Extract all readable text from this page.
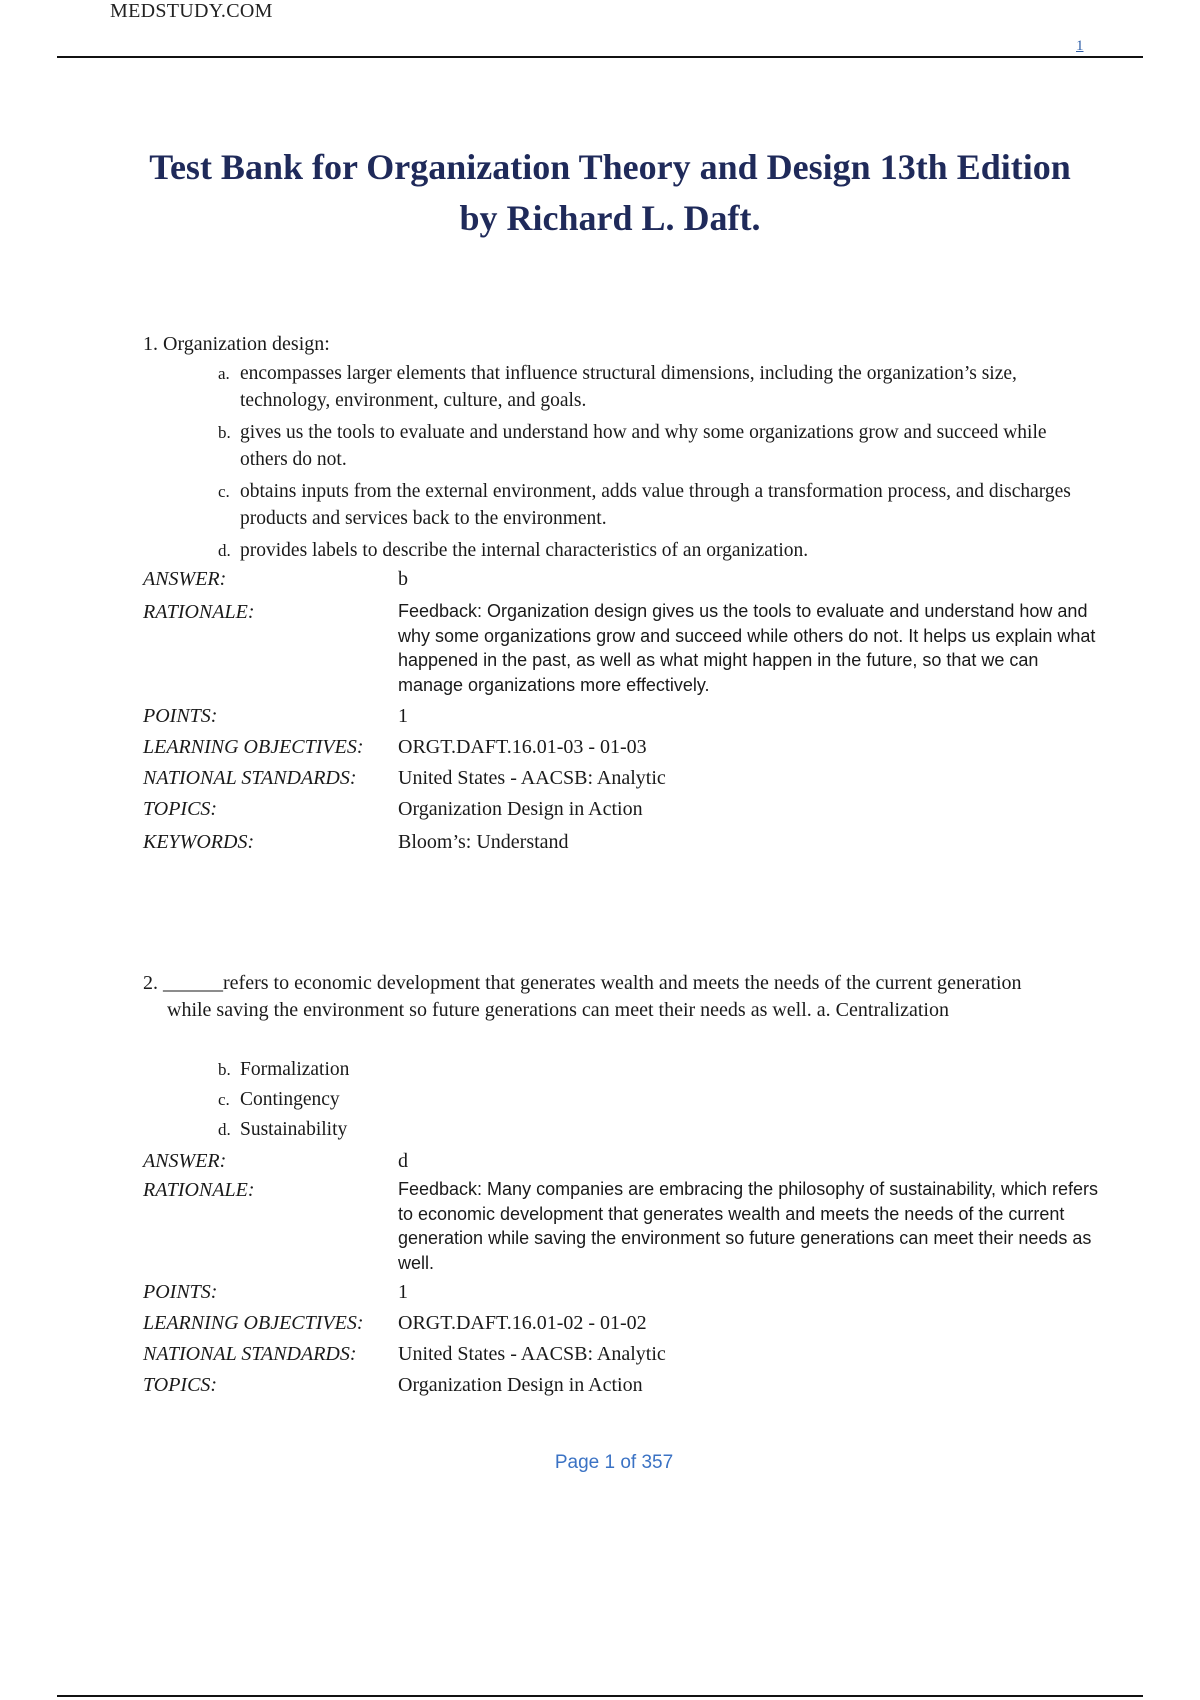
MEDSTUDY.COM
1
Test Bank for Organization Theory and Design 13th Edition by Richard L. Daft.
1. Organization design:
a. encompasses larger elements that influence structural dimensions, including the organization’s size, technology, environment, culture, and goals.
b. gives us the tools to evaluate and understand how and why some organizations grow and succeed while others do not.
c. obtains inputs from the external environment, adds value through a transformation process, and discharges products and services back to the environment.
d. provides labels to describe the internal characteristics of an organization.
ANSWER:	b
RATIONALE:	Feedback: Organization design gives us the tools to evaluate and understand how and why some organizations grow and succeed while others do not. It helps us explain what happened in the past, as well as what might happen in the future, so that we can manage organizations more effectively.
POINTS:	1
LEARNING OBJECTIVES:	ORGT.DAFT.16.01-03 - 01-03
NATIONAL STANDARDS:	United States - AACSB: Analytic
TOPICS:	Organization Design in Action
KEYWORDS:	Bloom’s: Understand
2. ______refers to economic development that generates wealth and meets the needs of the current generation while saving the environment so future generations can meet their needs as well. a. Centralization
b. Formalization
c. Contingency
d. Sustainability
ANSWER:	d
RATIONALE:	Feedback: Many companies are embracing the philosophy of sustainability, which refers to economic development that generates wealth and meets the needs of the current generation while saving the environment so future generations can meet their needs as well.
POINTS:	1
LEARNING OBJECTIVES:	ORGT.DAFT.16.01-02 - 01-02
NATIONAL STANDARDS:	United States - AACSB: Analytic
TOPICS:	Organization Design in Action
Page 1 of 357
